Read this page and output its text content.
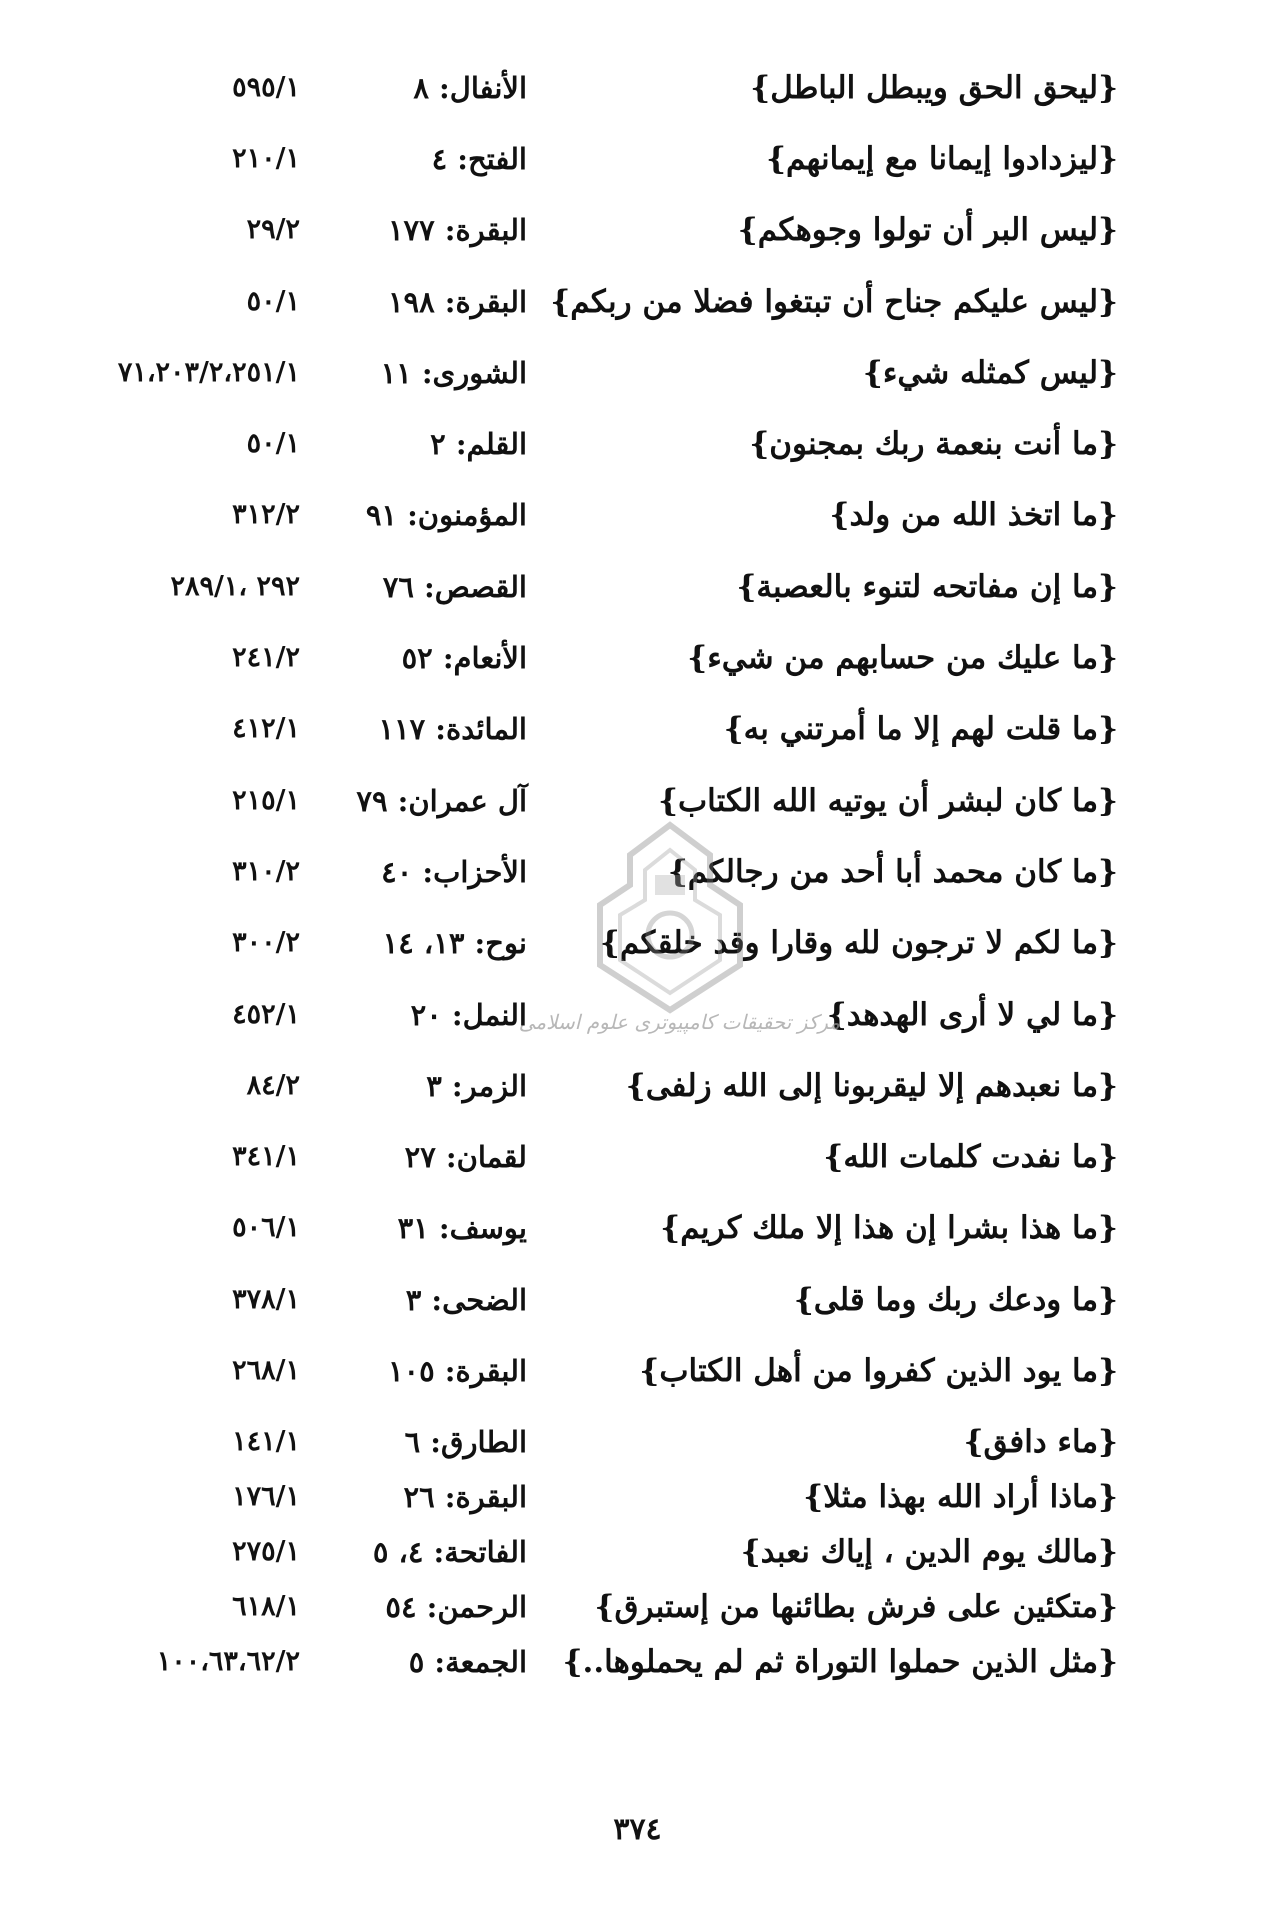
{ليحق الحق ويبطل الباطل}
الأنفال: ٨
٥٩٥/١
{ليزدادوا إيمانا مع إيمانهم}
الفتح: ٤
٢١٠/١
{ليس البر أن تولوا وجوهكم}
البقرة: ١٧٧
٢٩/٢
{ليس عليكم جناح أن تبتغوا فضلا من ربكم}
البقرة: ١٩٨
٥٠/١
{ليس كمثله شيء}
الشورى: ١١
٧١،٢٠٣/٢،٢٥١/١
{ما أنت بنعمة ربك بمجنون}
القلم: ٢
٥٠/١
{ما اتخذ الله من ولد}
المؤمنون: ٩١
٣١٢/٢
{ما إن مفاتحه لتنوء بالعصبة}
القصص: ٧٦
٢٩٢ ،٢٨٩/١
{ما عليك من حسابهم من شيء}
الأنعام: ٥٢
٢٤١/٢
{ما قلت لهم إلا ما أمرتني به}
المائدة: ١١٧
٤١٢/١
{ما كان لبشر أن يوتيه الله الكتاب}
آل عمران: ٧٩
٢١٥/١
{ما كان محمد أبا أحد من رجالكم}
الأحزاب: ٤٠
٣١٠/٢
{ما لكم لا ترجون لله وقارا وقد خلقكم}
نوح: ١٣، ١٤
٣٠٠/٢
{ما لي لا أرى الهدهد}
النمل: ٢٠
٤٥٢/١
{ما نعبدهم إلا ليقربونا إلى الله زلفى}
الزمر: ٣
٨٤/٢
{ما نفدت كلمات الله}
لقمان: ٢٧
٣٤١/١
{ما هذا بشرا إن هذا إلا ملك كريم}
يوسف: ٣١
٥٠٦/١
{ما ودعك ربك وما قلى}
الضحى: ٣
٣٧٨/١
{ما يود الذين كفروا من أهل الكتاب}
البقرة: ١٠٥
٢٦٨/١
{ماء دافق}
الطارق: ٦
١٤١/١
{ماذا أراد الله بهذا مثلا}
البقرة: ٢٦
١٧٦/١
{مالك يوم الدين ، إياك نعبد}
الفاتحة: ٤، ٥
٢٧٥/١
{متكئين على فرش بطائنها من إستبرق}
الرحمن: ٥٤
٦١٨/١
{مثل الذين حملوا التوراة ثم لم يحملوها..}
الجمعة: ٥
١٠٠،٦٣،٦٢/٢
مركز تحقیقات کامپیوتری علوم اسلامی
٣٧٤
